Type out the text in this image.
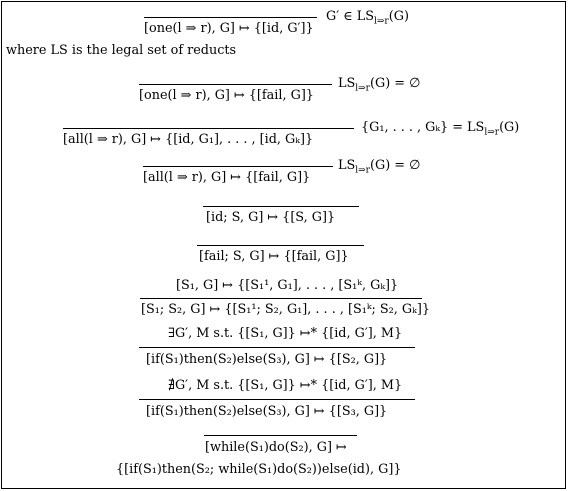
[one(l ⇒ r), G] ↦ {[id, G′]}
G′ ∈ $LS_{l\Rightarrow r}(G)$
where LS is the legal set of reducts
[one(l ⇒ r), G] ↦ {[fail, G]}
$LS_{l\Rightarrow r}(G)$ = ∅
[all(l ⇒ r), G] ↦ {[id, G₁], . . . , [id, Gₖ]}
{G₁, . . . , $G_k\} = LS_{l\Rightarrow r}(G)$
[all(l ⇒ r), G] ↦ {[fail, G]}
$LS_{l\Rightarrow r}(G)$ = ∅
[id; S, G] ↦ {[S, G]}
[fail; S, G] ↦ {[fail, G]}
[S₁, G] ↦ {[S₁¹, G₁], . . . , [S₁ᵏ, Gₖ]}
[S₁; S₂, G] ↦ {[S₁¹; S₂, G₁], . . . , [S₁ᵏ; S₂, Gₖ]}
∃G′, M s.t. {[S₁, G]} ↦* {[id, G′], M}
[if(S₁)then(S₂)else(S₃), G] ↦ {[S₂, G]}
∄G′, M s.t. {[S₁, G]} ↦* {[id, G′], M}
[if(S₁)then(S₂)else(S₃), G] ↦ {[S₃, G]}
[while(S₁)do(S₂), G] ↦
{[if(S₁)then(S₂; while(S₁)do(S₂))else(id), G]}
